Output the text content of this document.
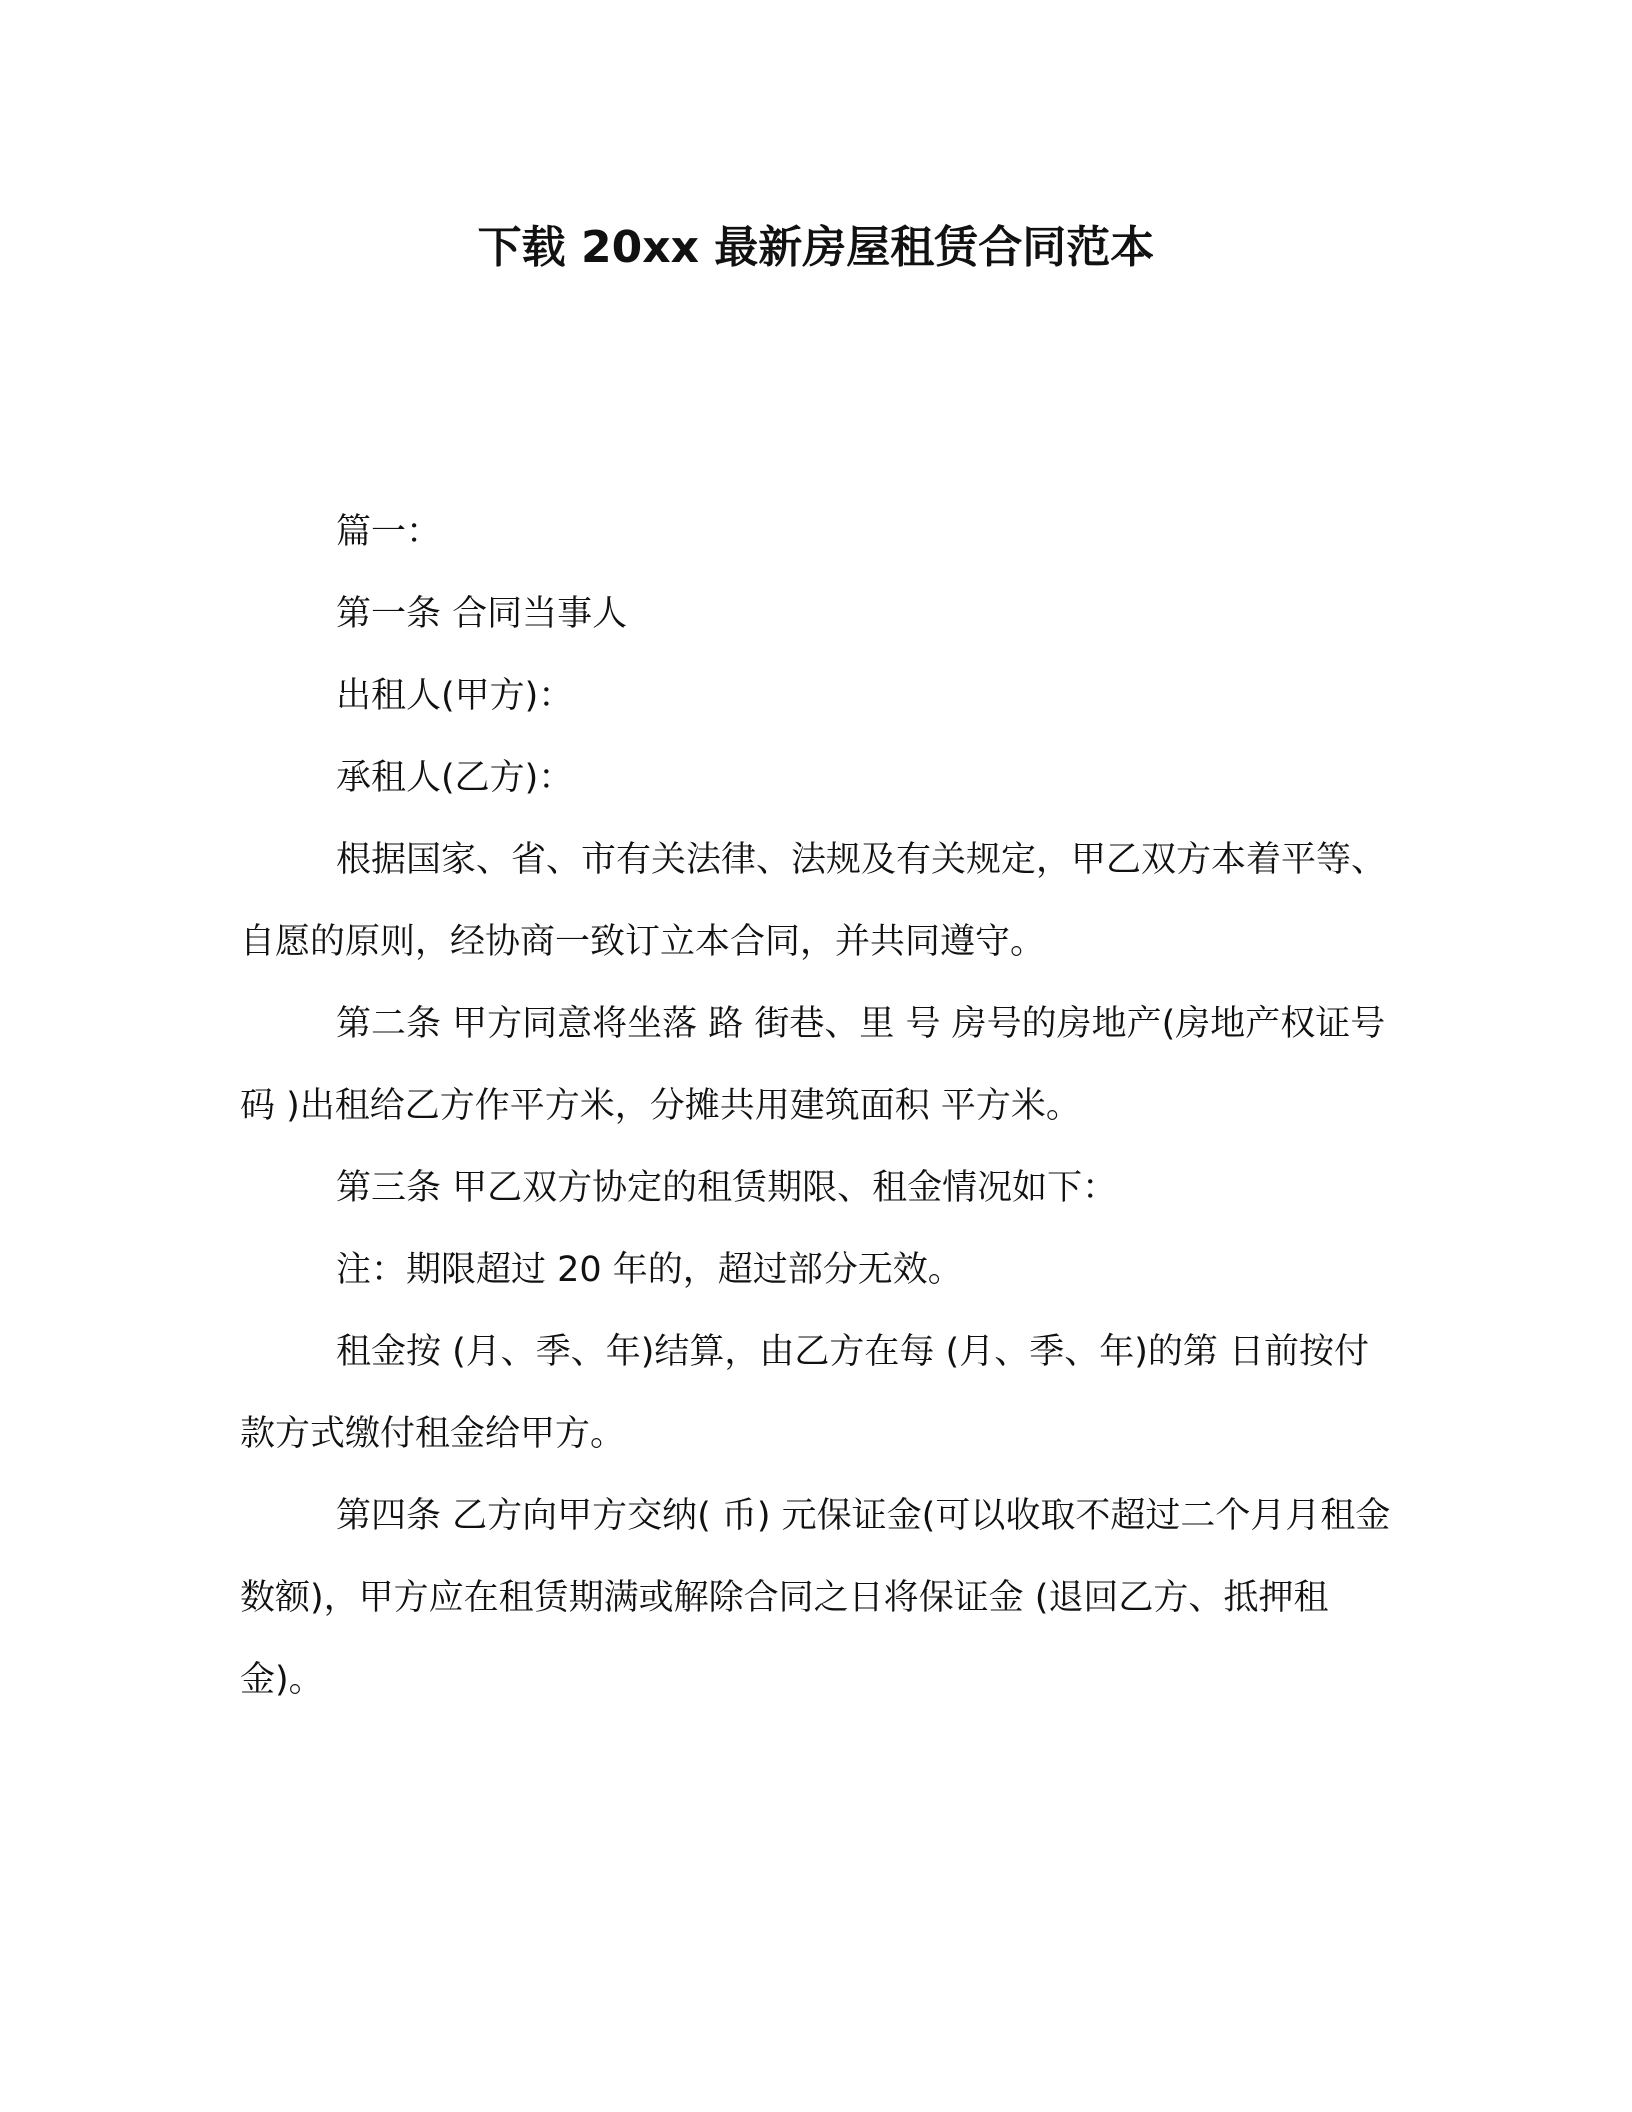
下载 20xx 最新房屋租赁合同范本

篇一：

第一条 合同当事人

出租人(甲方)：

承租人(乙方)：

根据国家、省、市有关法律、法规及有关规定，甲乙双方本着平等、自愿的原则，经协商一致订立本合同，并共同遵守。

第二条 甲方同意将坐落 路 街巷、里 号 房号的房地产(房地产权证号码 )出租给乙方作平方米，分摊共用建筑面积 平方米。

第三条 甲乙双方协定的租赁期限、租金情况如下：

注：期限超过 20 年的，超过部分无效。

租金按 (月、季、年)结算，由乙方在每 (月、季、年)的第 日前按付款方式缴付租金给甲方。

第四条 乙方向甲方交纳( 币) 元保证金(可以收取不超过二个月月租金数额)，甲方应在租赁期满或解除合同之日将保证金 (退回乙方、抵押租金)。
